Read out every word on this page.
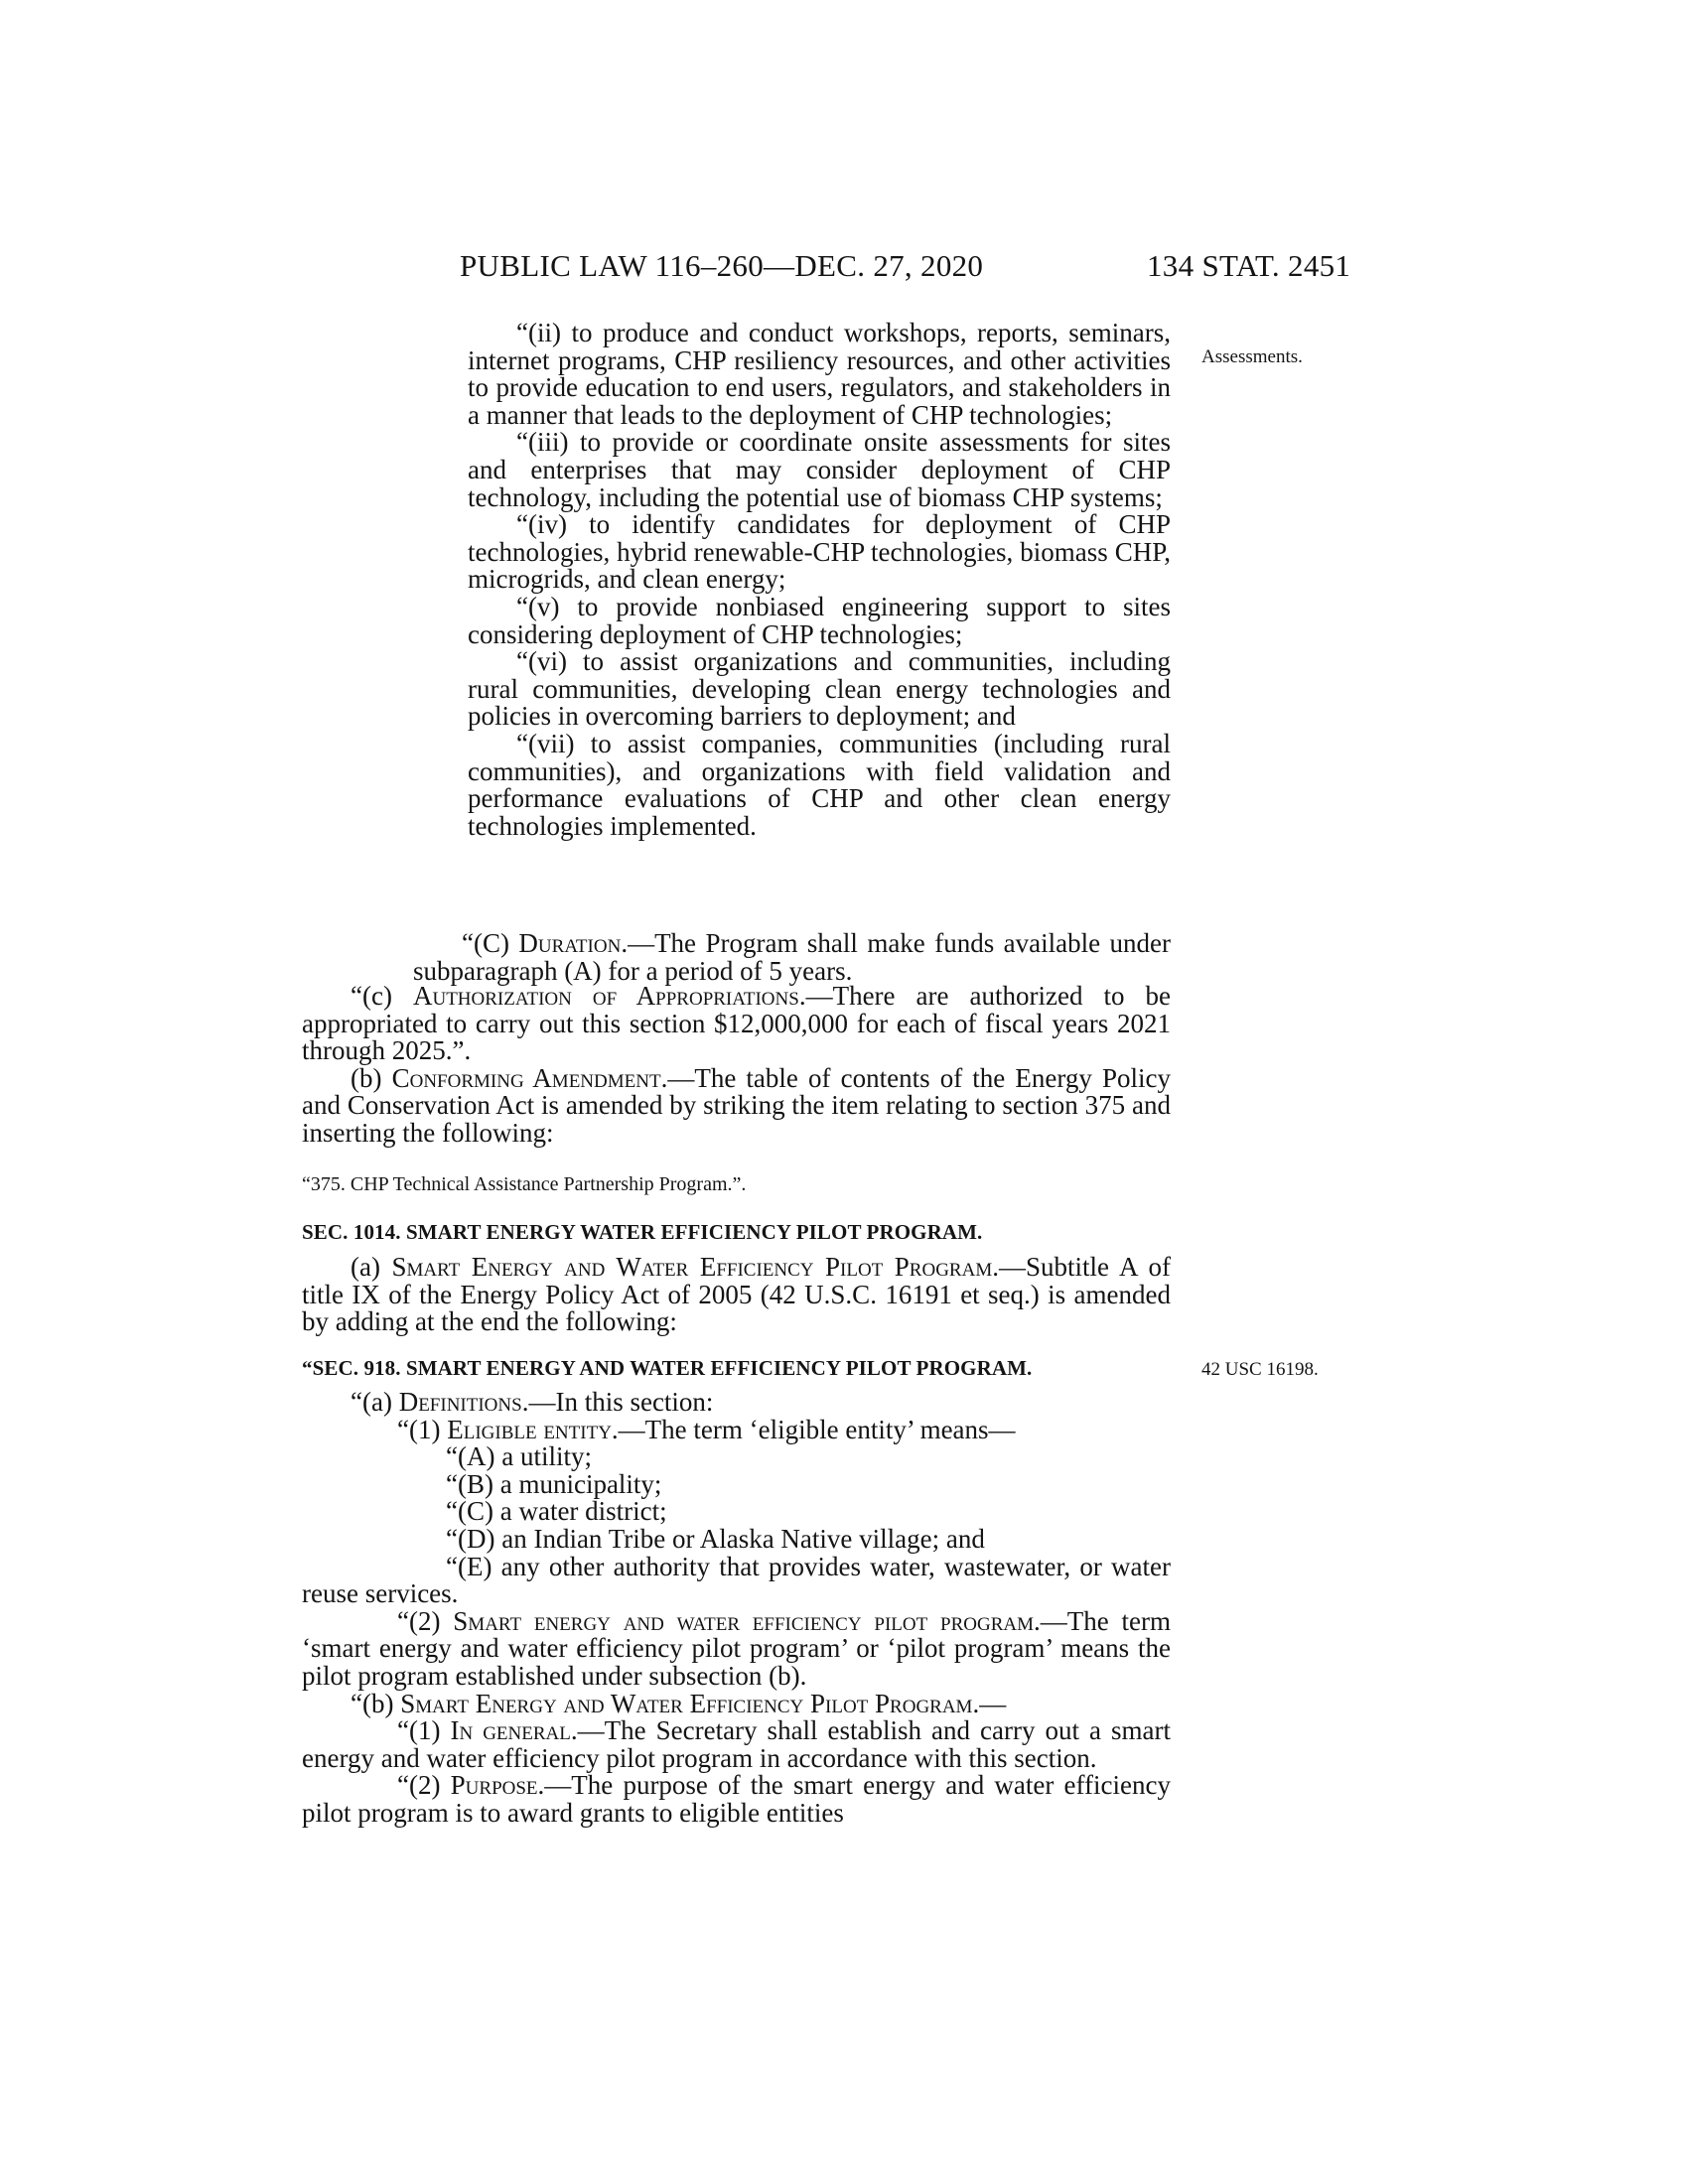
PUBLIC LAW 116–260—DEC. 27, 2020	134 STAT. 2451
Assessments.
42 USC 16198.

“(ii) to produce and conduct workshops, reports, seminars, internet programs, CHP resiliency resources, and other activities to provide education to end users, regulators, and stakeholders in a manner that leads to the deployment of CHP technologies;

“(iii) to provide or coordinate onsite assessments for sites and enterprises that may consider deployment of CHP technology, including the potential use of biomass CHP systems;

“(iv) to identify candidates for deployment of CHP technologies, hybrid renewable-CHP technologies, biomass CHP, microgrids, and clean energy;

“(v) to provide nonbiased engineering support to sites considering deployment of CHP technologies;

“(vi) to assist organizations and communities, including rural communities, developing clean energy technologies and policies in overcoming barriers to deployment; and

“(vii) to assist companies, communities (including rural communities), and organizations with field validation and performance evaluations of CHP and other clean energy technologies implemented.

“(C) Duration.—The Program shall make funds available under subparagraph (A) for a period of 5 years.

“(c) Authorization of Appropriations.—There are authorized to be appropriated to carry out this section $12,000,000 for each of fiscal years 2021 through 2025.”.

(b) Conforming Amendment.—The table of contents of the Energy Policy and Conservation Act is amended by striking the item relating to section 375 and inserting the following:

“375. CHP Technical Assistance Partnership Program.”.
SEC. 1014. SMART ENERGY WATER EFFICIENCY PILOT PROGRAM.

(a) Smart Energy and Water Efficiency Pilot Program.—Subtitle A of title IX of the Energy Policy Act of 2005 (42 U.S.C. 16191 et seq.) is amended by adding at the end the following:

“SEC. 918. SMART ENERGY AND WATER EFFICIENCY PILOT PROGRAM.

“(a) Definitions.—In this section:

“(1) Eligible entity.—The term ‘eligible entity’ means—

“(A) a utility;

“(B) a municipality;

“(C) a water district;

“(D) an Indian Tribe or Alaska Native village; and

“(E) any other authority that provides water, wastewater, or water reuse services.

“(2) Smart energy and water efficiency pilot program.—The term ‘smart energy and water efficiency pilot program’ or ‘pilot program’ means the pilot program established under subsection (b).

“(b) Smart Energy and Water Efficiency Pilot Program.—

“(1) In general.—The Secretary shall establish and carry out a smart energy and water efficiency pilot program in accordance with this section.

“(2) Purpose.—The purpose of the smart energy and water efficiency pilot program is to award grants to eligible entities
